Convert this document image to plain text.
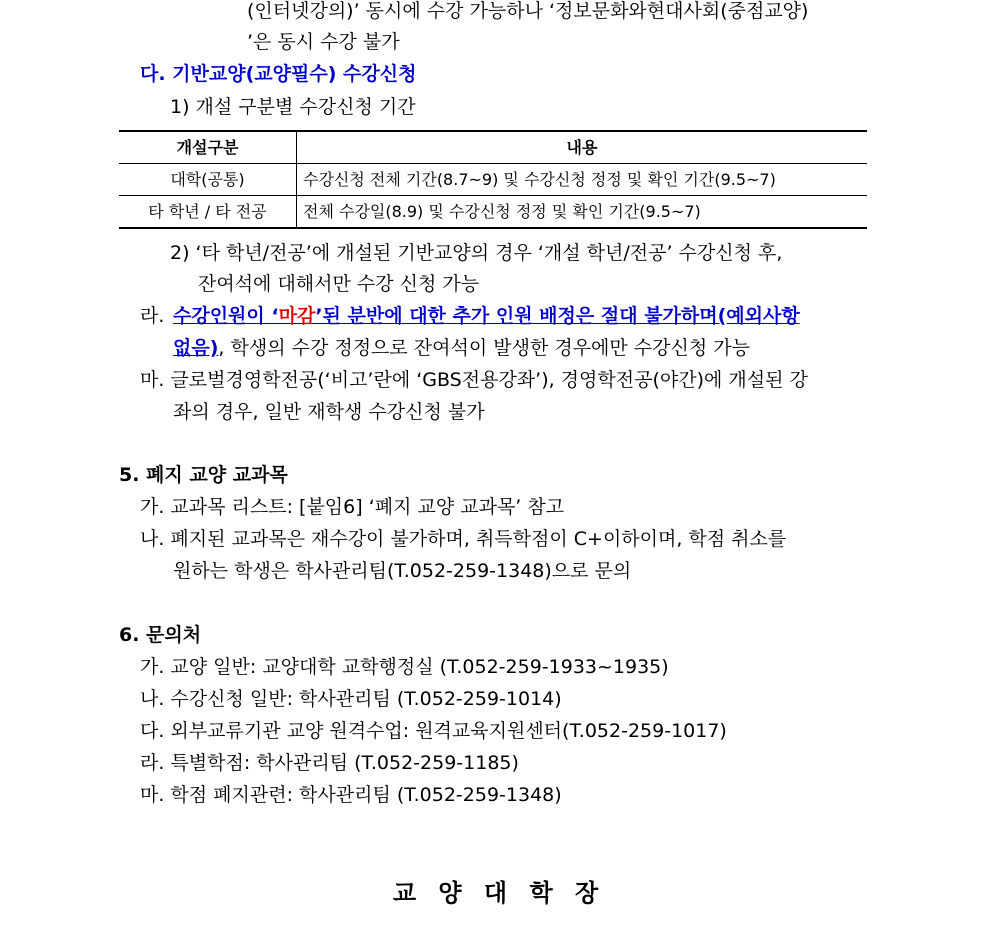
(인터넷강의)’ 동시에 수강 가능하나 ‘정보문화와현대사회(중점교양)
’은 동시 수강 불가
다. 기반교양(교양필수) 수강신청
1) 개설 구분별 수강신청 기간
개설구분	내용
대학(공통)	수강신청 전체 기간(8.7~9) 및 수강신청 정정 및 확인 기간(9.5~7)
타 학년 / 타 전공	전체 수강일(8.9) 및 수강신청 정정 및 확인 기간(9.5~7)
2) ‘타 학년/전공’에 개설된 기반교양의 경우 ‘개설 학년/전공’ 수강신청 후,
잔여석에 대해서만 수강 신청 가능
라. 수강인원이 ‘마감’된 분반에 대한 추가 인원 배정은 절대 불가하며(예외사항
없음), 학생의 수강 정정으로 잔여석이 발생한 경우에만 수강신청 가능
마. 글로벌경영학전공(‘비고’란에 ‘GBS전용강좌’), 경영학전공(야간)에 개설된 강
좌의 경우, 일반 재학생 수강신청 불가
5. 폐지 교양 교과목
가. 교과목 리스트: [붙임6] ‘폐지 교양 교과목’ 참고
나. 폐지된 교과목은 재수강이 불가하며, 취득학점이 C+이하이며, 학점 취소를
원하는 학생은 학사관리팀(T.052-259-1348)으로 문의
6. 문의처
가. 교양 일반: 교양대학 교학행정실 (T.052-259-1933~1935)
나. 수강신청 일반: 학사관리팀 (T.052-259-1014)
다. 외부교류기관 교양 원격수업: 원격교육지원센터(T.052-259-1017)
라. 특별학점: 학사관리팀 (T.052-259-1185)
마. 학점 폐지관련: 학사관리팀 (T.052-259-1348)
교 양 대 학 장
